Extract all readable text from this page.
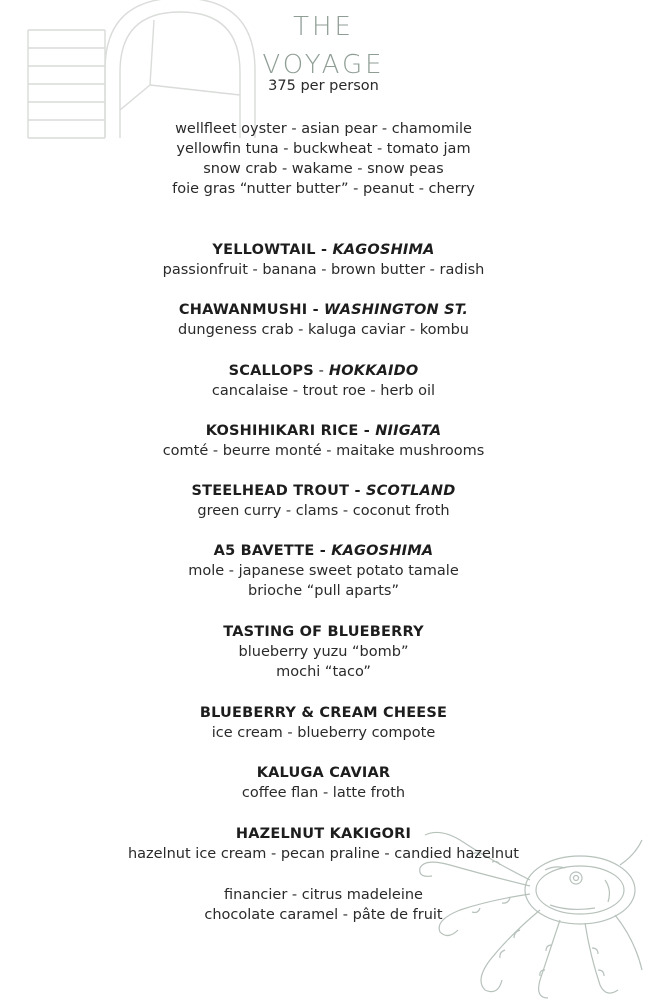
THE
VOYAGE
375 per person
wellfleet oyster - asian pear - chamomile
yellowfin tuna - buckwheat - tomato jam
snow crab - wakame - snow peas
foie gras “nutter butter” - peanut - cherry
YELLOWTAIL - KAGOSHIMA
passionfruit - banana - brown butter - radish
CHAWANMUSHI - WASHINGTON ST.
dungeness crab - kaluga caviar - kombu
SCALLOPS - HOKKAIDO
cancalaise - trout roe - herb oil
KOSHIHIKARI RICE - NIIGATA
comté - beurre monté - maitake mushrooms
STEELHEAD TROUT - SCOTLAND
green curry - clams - coconut froth
A5 BAVETTE - KAGOSHIMA
mole - japanese sweet potato tamale
brioche “pull aparts”
TASTING OF BLUEBERRY
blueberry yuzu “bomb”
mochi “taco”
BLUEBERRY & CREAM CHEESE
ice cream - blueberry compote
KALUGA CAVIAR
coffee flan - latte froth
HAZELNUT KAKIGORI
hazelnut ice cream - pecan praline - candied hazelnut
financier - citrus madeleine
chocolate caramel - pâte de fruit
